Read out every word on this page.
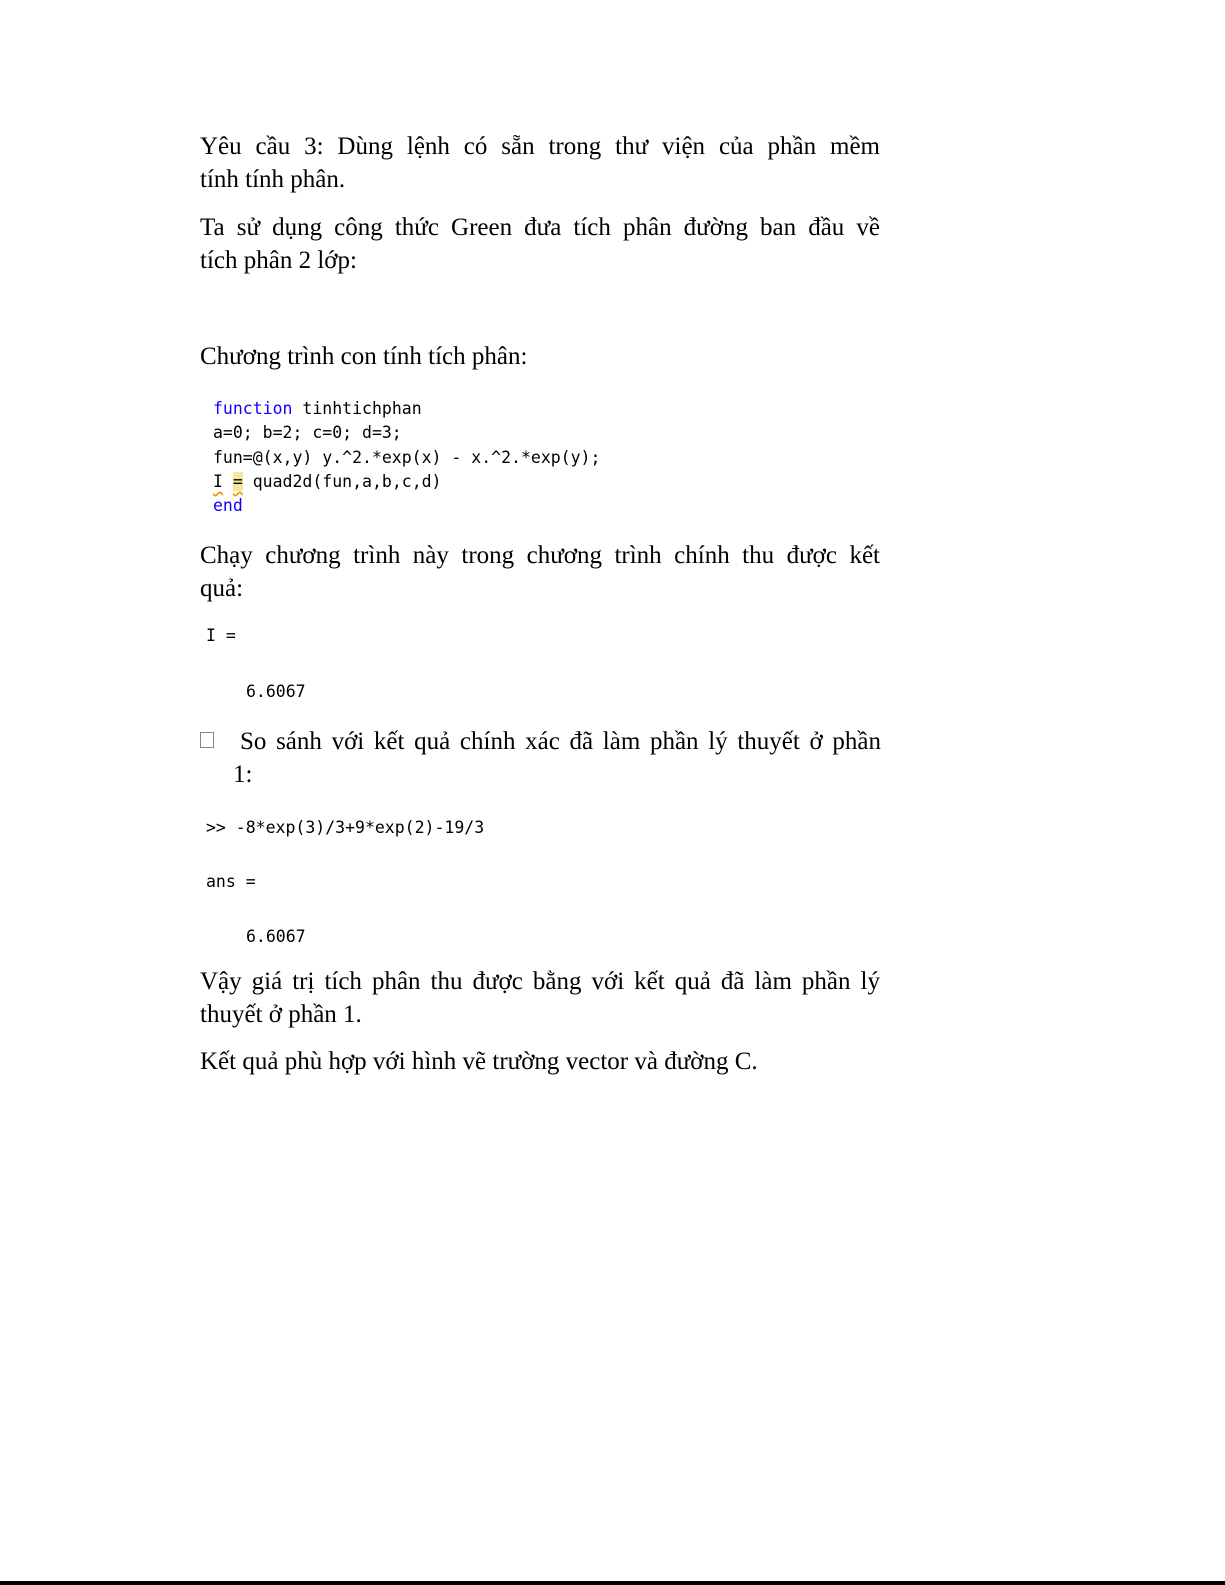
Yêu cầu 3: Dùng lệnh có sẵn trong thư viện của phần mềm
tính tính phân.
Ta sử dụng công thức Green đưa tích phân đường ban đầu về
tích phân 2 lớp:
Chương trình con tính tích phân:
function tinhtichphan
a=0; b=2; c=0; d=3;
fun=@(x,y) y.^2.*exp(x) - x.^2.*exp(y);
I = quad2d(fun,a,b,c,d)
end
Chạy chương trình này trong chương trình chính thu được kết
quả:
I =
6.6067
So sánh với kết quả chính xác đã làm phần lý thuyết ở phần
1:
>> -8*exp(3)/3+9*exp(2)-19/3
ans =
6.6067
Vậy giá trị tích phân thu được bằng với kết quả đã làm phần lý
thuyết ở phần 1.
Kết quả phù hợp với hình vẽ trường vector và đường C.
